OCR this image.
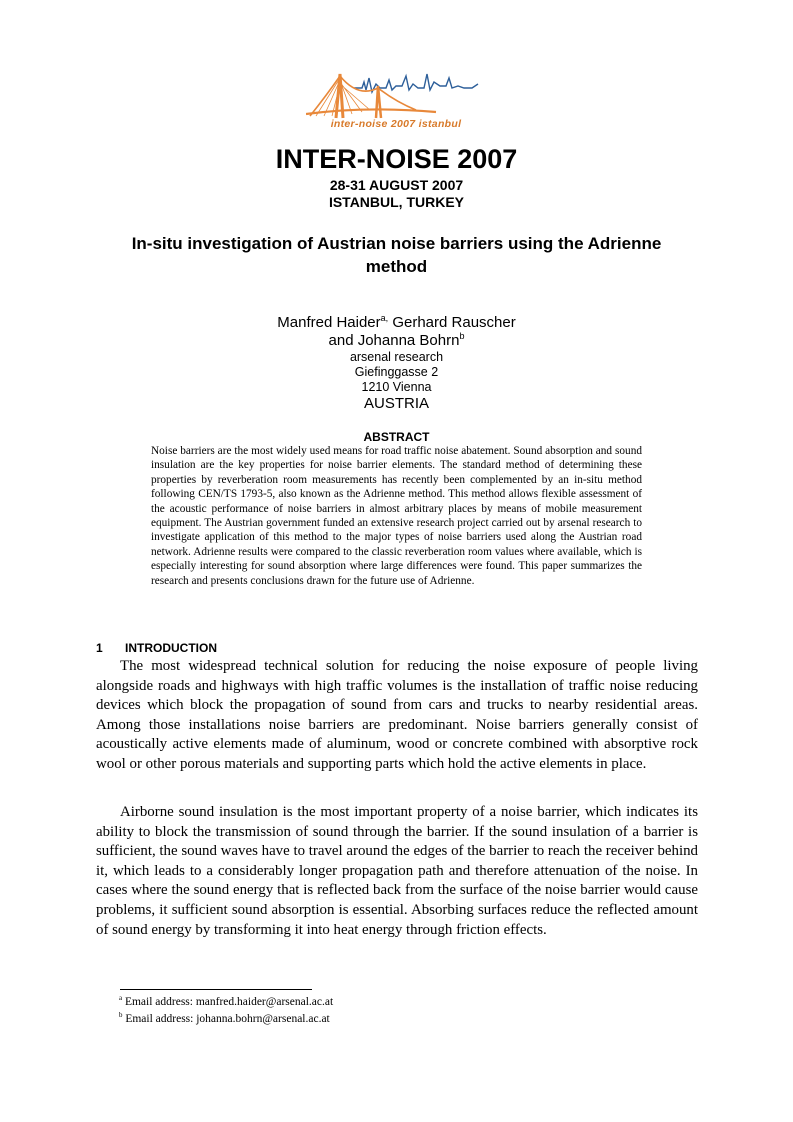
inter-noise 2007 istanbul
INTER-NOISE 2007
28-31 AUGUST 2007
ISTANBUL, TURKEY
In-situ investigation of Austrian noise barriers using the Adrienne method
Manfred Haider$^{a,}$ Gerhard Rauscher
and Johanna Bohrn$^b$
arsenal research
Giefinggasse 2
1210 Vienna
AUSTRIA
ABSTRACT
Noise barriers are the most widely used means for road traffic noise abatement. Sound absorption and sound insulation are the key properties for noise barrier elements. The standard method of determining these properties by reverberation room measurements has recently been complemented by an in-situ method following CEN/TS 1793-5, also known as the Adrienne method. This method allows flexible assessment of the acoustic performance of noise barriers in almost arbitrary places by means of mobile measurement equipment. The Austrian government funded an extensive research project carried out by arsenal research to investigate application of this method to the major types of noise barriers used along the Austrian road network. Adrienne results were compared to the classic reverberation room values where available, which is especially interesting for sound absorption where large differences were found. This paper summarizes the research and presents conclusions drawn for the future use of Adrienne.
1 INTRODUCTION
The most widespread technical solution for reducing the noise exposure of people living alongside roads and highways with high traffic volumes is the installation of traffic noise reducing devices which block the propagation of sound from cars and trucks to nearby residential areas. Among those installations noise barriers are predominant. Noise barriers generally consist of acoustically active elements made of aluminum, wood or concrete combined with absorptive rock wool or other porous materials and supporting parts which hold the active elements in place.
Airborne sound insulation is the most important property of a noise barrier, which indicates its ability to block the transmission of sound through the barrier. If the sound insulation of a barrier is sufficient, the sound waves have to travel around the edges of the barrier to reach the receiver behind it, which leads to a considerably longer propagation path and therefore attenuation of the noise. In cases where the sound energy that is reflected back from the surface of the noise barrier would cause problems, it sufficient sound absorption is essential. Absorbing surfaces reduce the reflected amount of sound energy by transforming it into heat energy through friction effects.
$^a$ Email address: manfred.haider@arsenal.ac.at
$^b$ Email address: johanna.bohrn@arsenal.ac.at
